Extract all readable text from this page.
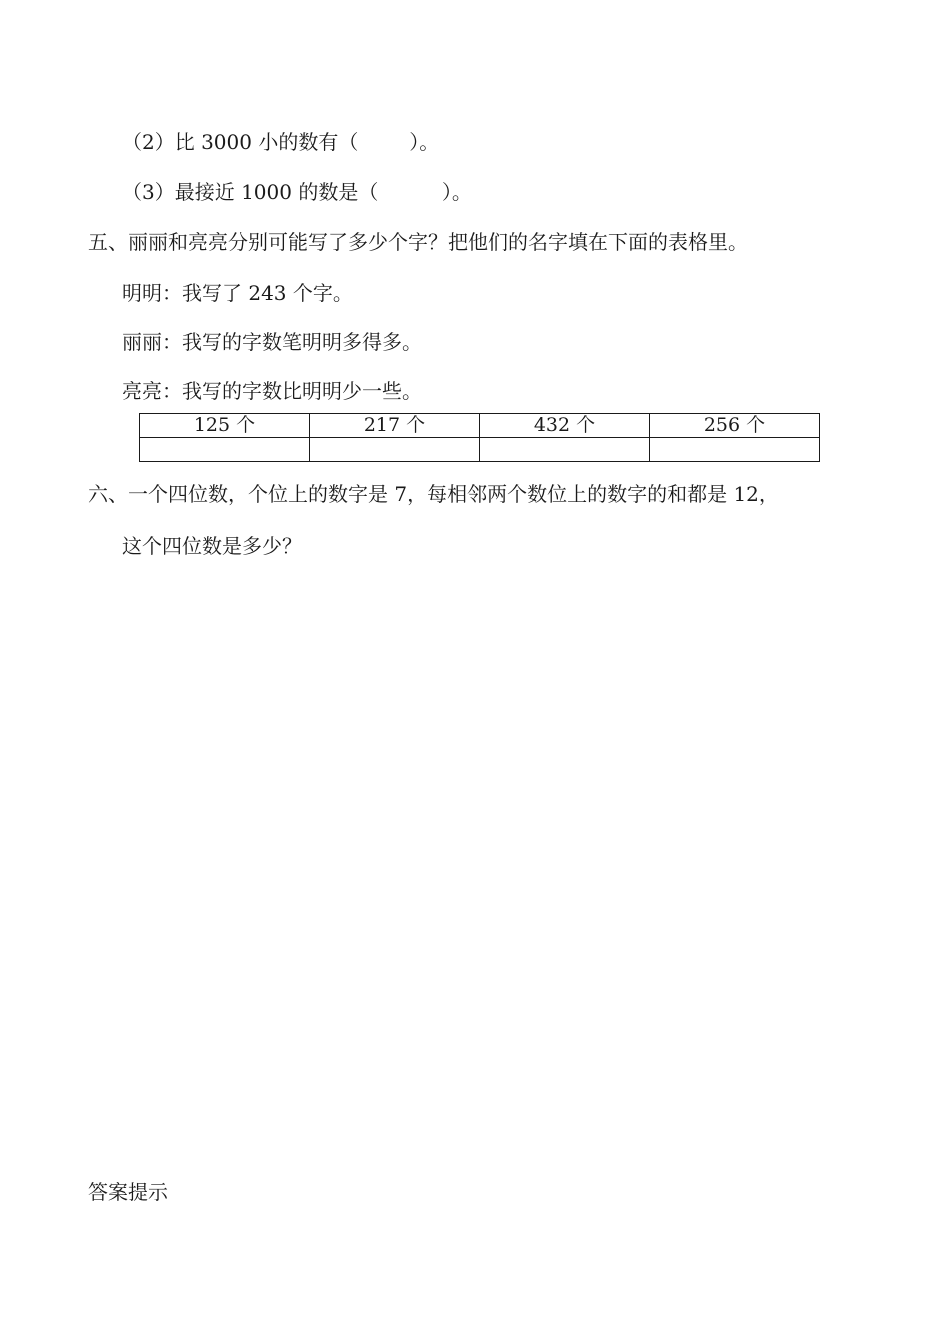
（2）比 3000 小的数有（        ）。
（3）最接近 1000 的数是（          ）。
五、丽丽和亮亮分别可能写了多少个字？把他们的名字填在下面的表格里。
明明：我写了 243 个字。
丽丽：我写的字数笔明明多得多。
亮亮：我写的字数比明明少一些。
125 个	217 个	432 个	256 个

六、一个四位数，个位上的数字是 7，每相邻两个数位上的数字的和都是 12，
这个四位数是多少？
答案提示
